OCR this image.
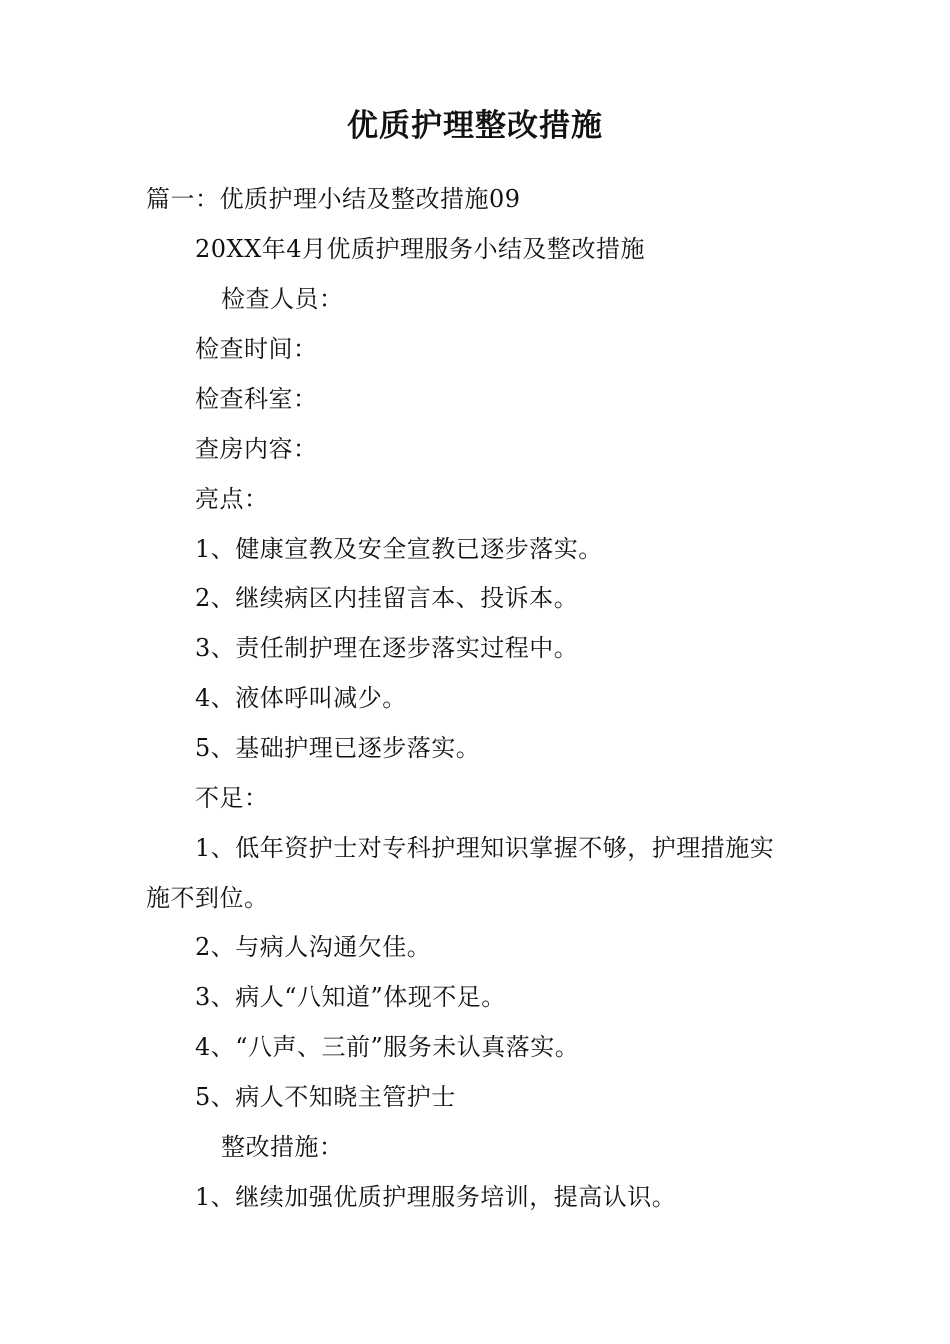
优质护理整改措施
篇一：优质护理小结及整改措施09
20XX年4月优质护理服务小结及整改措施
检查人员：
检查时间：
检查科室：
查房内容：
亮点：
1、健康宣教及安全宣教已逐步落实。
2、继续病区内挂留言本、投诉本。
3、责任制护理在逐步落实过程中。
4、液体呼叫减少。
5、基础护理已逐步落实。
不足：
1、低年资护士对专科护理知识掌握不够，护理措施实
施不到位。
2、与病人沟通欠佳。
3、病人“八知道”体现不足。
4、“八声、三前”服务未认真落实。
5、病人不知晓主管护士
整改措施：
1、继续加强优质护理服务培训，提高认识。
